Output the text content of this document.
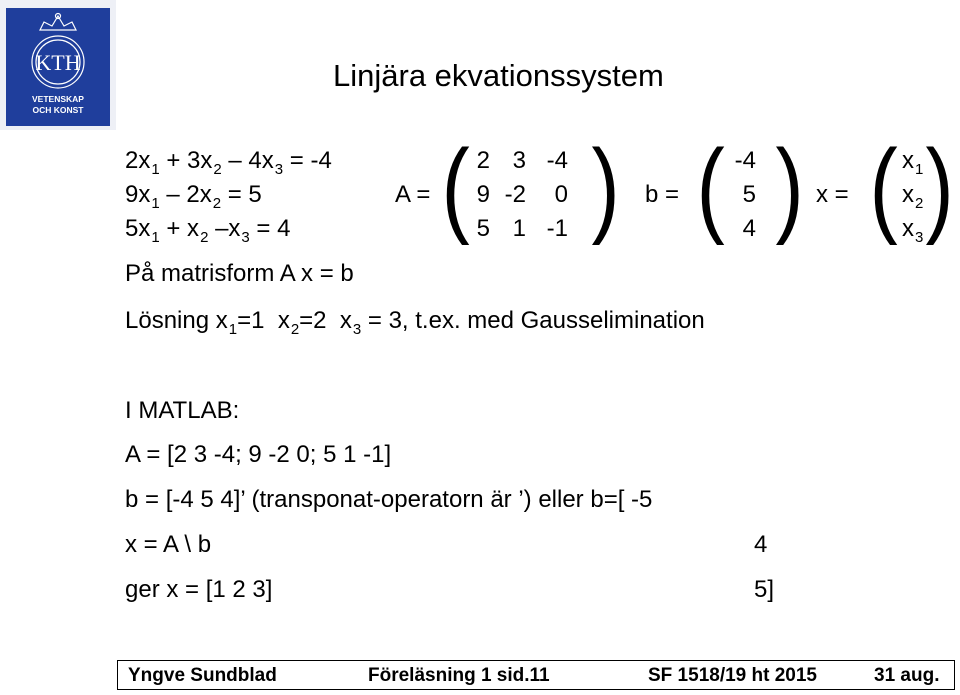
KTH
VETENSKAP
OCH KONST
Linjära ekvationssystem
$2x_1 + 3x_2 - 4x_3 = -4$
$9x_1 - 2x_2 = 5$
$5x_1 + x_2$ $-x_3 = 4$
A = ( )
2 3 -4
9 -2	0
5 1 -1
b = ( )
-4
5
4
x = ( )
$x_1$
$x_2$
$x_3$
På matrisform A x = b
Lösning $x_1=1$ $x_2=2$ $x_3 = 3$, t.ex. med Gausselimination
I MATLAB:
A = [2 3 -4; 9 -2 0; 5 1 -1]
b = [-4 5 4]’ (transponat-operatorn är ’) eller b=[ -5
x = A \ b	4
ger x = [1 2 3]	5]
Yngve Sundblad	Föreläsning 1 sid.11	SF 1518/19 ht 2015	31 aug.
